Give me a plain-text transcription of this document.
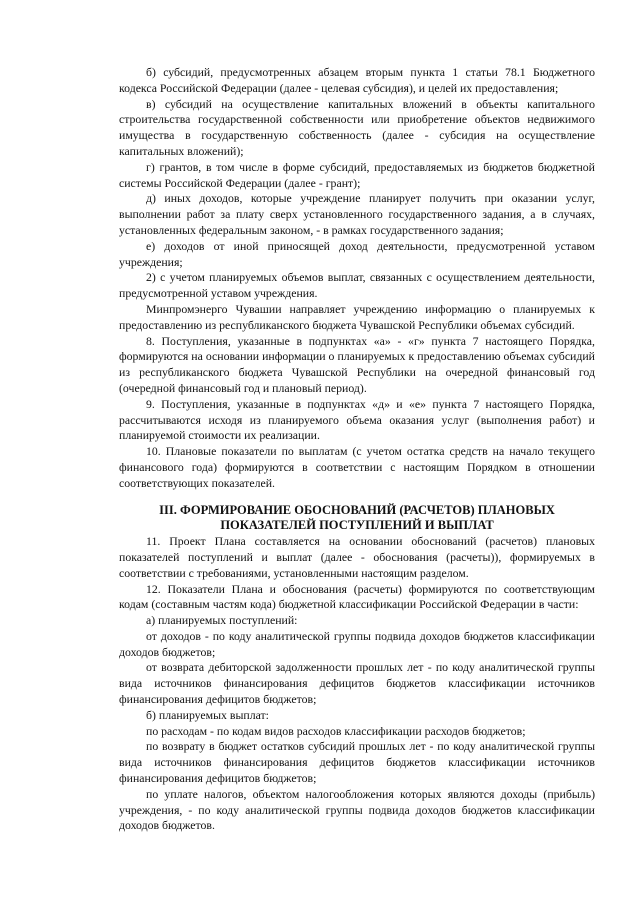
б) субсидий, предусмотренных абзацем вторым пункта 1 статьи 78.1 Бюджетного кодекса Российской Федерации (далее - целевая субсидия), и целей их предоставления;

в) субсидий на осуществление капитальных вложений в объекты капитального строительства государственной собственности или приобретение объектов недвижимого имущества в государственную собственность (далее - субсидия на осуществление капитальных вложений);

г) грантов, в том числе в форме субсидий, предоставляемых из бюджетов бюджетной системы Российской Федерации (далее - грант);

д) иных доходов, которые учреждение планирует получить при оказании услуг, выполнении работ за плату сверх установленного государственного задания, а в случаях, установленных федеральным законом, - в рамках государственного задания;

е) доходов от иной приносящей доход деятельности, предусмотренной уставом учреждения;

2) с учетом планируемых объемов выплат, связанных с осуществлением деятельности, предусмотренной уставом учреждения.

Минпромэнерго Чувашии направляет учреждению информацию о планируемых к предоставлению из республиканского бюджета Чувашской Республики объемах субсидий.

8. Поступления, указанные в подпунктах «а» - «г» пункта 7 настоящего Порядка, формируются на основании информации о планируемых к предоставлению объемах субсидий из республиканского бюджета Чувашской Республики на очередной финансовый год (очередной финансовый год и плановый период).

9. Поступления, указанные в подпунктах «д» и «е» пункта 7 настоящего Порядка, рассчитываются исходя из планируемого объема оказания услуг (выполнения работ) и планируемой стоимости их реализации.

10. Плановые показатели по выплатам (с учетом остатка средств на начало текущего финансового года) формируются в соответствии с настоящим Порядком в отношении соответствующих показателей.

III. ФОРМИРОВАНИЕ ОБОСНОВАНИЙ (РАСЧЕТОВ) ПЛАНОВЫХ ПОКАЗАТЕЛЕЙ ПОСТУПЛЕНИЙ И ВЫПЛАТ

11. Проект Плана составляется на основании обоснований (расчетов) плановых показателей поступлений и выплат (далее - обоснования (расчеты)), формируемых в соответствии с требованиями, установленными настоящим разделом.

12. Показатели Плана и обоснования (расчеты) формируются по соответствующим кодам (составным частям кода) бюджетной классификации Российской Федерации в части:

а) планируемых поступлений:

от доходов - по коду аналитической группы подвида доходов бюджетов классификации доходов бюджетов;

от возврата дебиторской задолженности прошлых лет - по коду аналитической группы вида источников финансирования дефицитов бюджетов классификации источников финансирования дефицитов бюджетов;

б) планируемых выплат:

по расходам - по кодам видов расходов классификации расходов бюджетов;

по возврату в бюджет остатков субсидий прошлых лет - по коду аналитической группы вида источников финансирования дефицитов бюджетов классификации источников финансирования дефицитов бюджетов;

по уплате налогов, объектом налогообложения которых являются доходы (прибыль) учреждения, - по коду аналитической группы подвида доходов бюджетов классификации доходов бюджетов.
